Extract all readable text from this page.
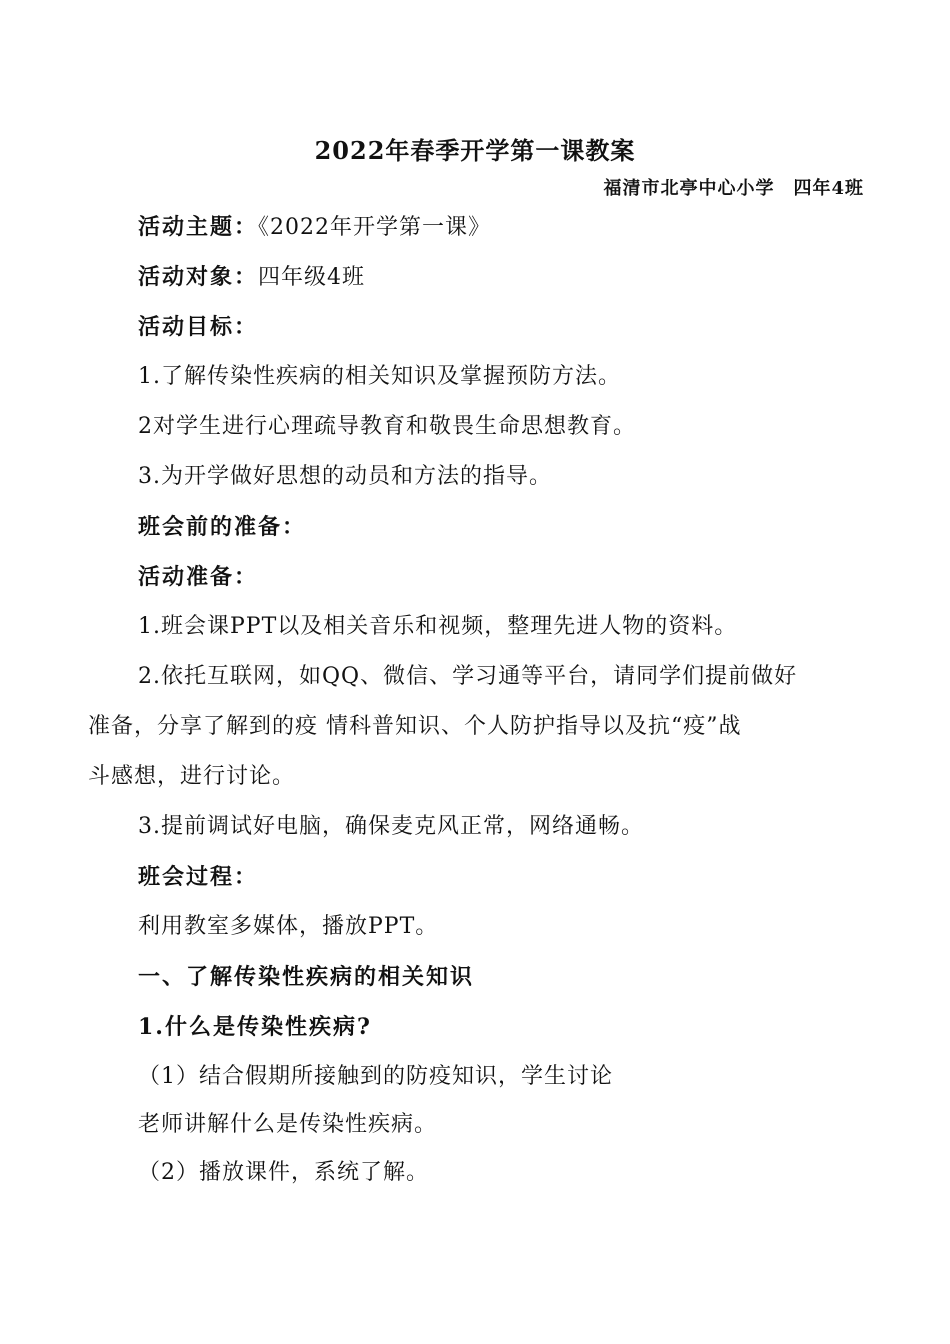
2022年春季开学第一课教案
福清市北亭中心小学　四年4班
活动主题：《2022年开学第一课》
活动对象：四年级4班
活动目标：
1.了解传染性疾病的相关知识及掌握预防方法。
2对学生进行心理疏导教育和敬畏生命思想教育。
3.为开学做好思想的动员和方法的指导。
班会前的准备：
活动准备：
1.班会课PPT以及相关音乐和视频，整理先进人物的资料。
2.依托互联网，如QQ、微信、学习通等平台，请同学们提前做好
准备，分享了解到的疫 情科普知识、个人防护指导以及抗“疫”战
斗感想，进行讨论。
3.提前调试好电脑，确保麦克风正常，网络通畅。
班会过程：
利用教室多媒体，播放PPT。
一、了解传染性疾病的相关知识
1.什么是传染性疾病?
（1）结合假期所接触到的防疫知识，学生讨论
老师讲解什么是传染性疾病。
（2）播放课件，系统了解。
